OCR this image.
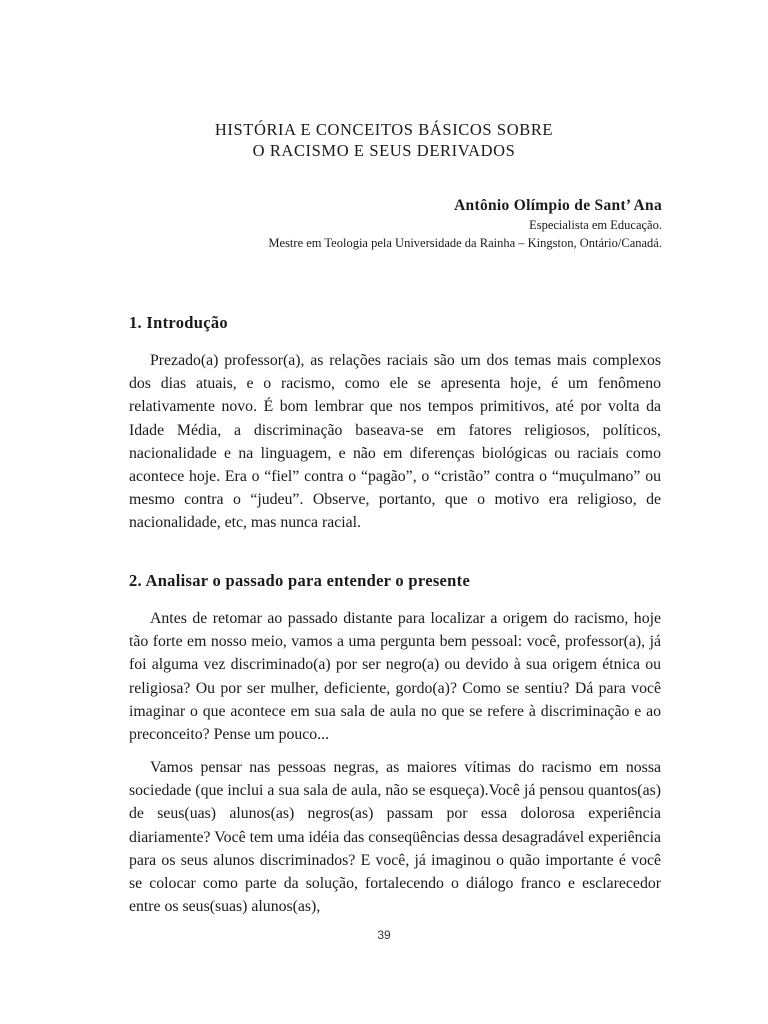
HISTÓRIA E CONCEITOS BÁSICOS SOBRE
O RACISMO E SEUS DERIVADOS
Antônio Olímpio de Sant’ Ana
Especialista em Educação.
Mestre em Teologia pela Universidade da Rainha – Kingston, Ontário/Canadá.
1. Introdução

Prezado(a) professor(a), as relações raciais são um dos temas mais complexos dos dias atuais, e o racismo, como ele se apresenta hoje, é um fenômeno relativamente novo. É bom lembrar que nos tempos primitivos, até por volta da Idade Média, a discriminação baseava-se em fatores religiosos, políticos, nacionalidade e na linguagem, e não em diferenças biológicas ou raciais como acontece hoje. Era o “fiel” contra o “pagão”, o “cristão” contra o “muçulmano” ou mesmo contra o “judeu”. Observe, portanto, que o motivo era religioso, de nacionalidade, etc, mas nunca racial.

2. Analisar o passado para entender o presente

Antes de retomar ao passado distante para localizar a origem do racismo, hoje tão forte em nosso meio, vamos a uma pergunta bem pessoal: você, professor(a), já foi alguma vez discriminado(a) por ser negro(a) ou devido à sua origem étnica ou religiosa? Ou por ser mulher, deficiente, gordo(a)? Como se sentiu? Dá para você imaginar o que acontece em sua sala de aula no que se refere à discriminação e ao preconceito? Pense um pouco...

Vamos pensar nas pessoas negras, as maiores vítimas do racismo em nossa sociedade (que inclui a sua sala de aula, não se esqueça).Você já pensou quantos(as) de seus(uas) alunos(as) negros(as) passam por essa dolorosa experiência diariamente? Você tem uma idéia das conseqüências dessa desagradável experiência para os seus alunos discriminados? E você, já imaginou o quão importante é você se colocar como parte da solução, fortalecendo o diálogo franco e esclarecedor entre os seus(suas) alunos(as),

39
